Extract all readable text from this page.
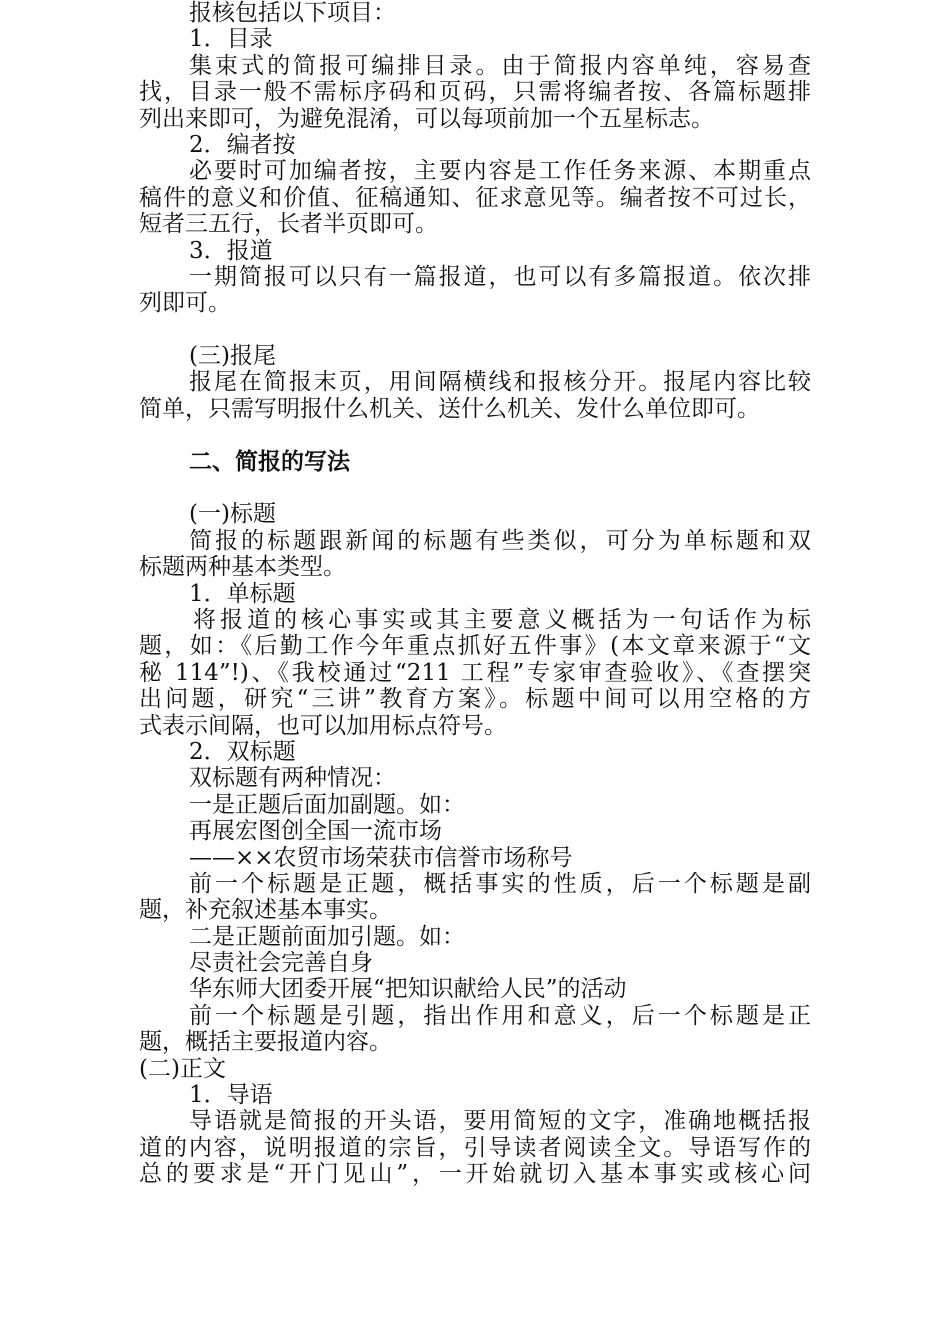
报核包括以下项目：
1．目录
集束式的简报可编排目录。由于简报内容单纯，容易查
找，目录一般不需标序码和页码，只需将编者按、各篇标题排
列出来即可，为避免混淆，可以每项前加一个五星标志。
2．编者按
必要时可加编者按，主要内容是工作任务来源、本期重点
稿件的意义和价值、征稿通知、征求意见等。编者按不可过长，
短者三五行，长者半页即可。
3．报道
一期简报可以只有一篇报道，也可以有多篇报道。依次排
列即可。
(三)报尾
报尾在简报末页，用间隔横线和报核分开。报尾内容比较
简单，只需写明报什么机关、送什么机关、发什么单位即可。
二、简报的写法
(一)标题
简报的标题跟新闻的标题有些类似，可分为单标题和双
标题两种基本类型。
1．单标题
将报道的核心事实或其主要意义概括为一句话作为标
题，如：《后勤工作今年重点抓好五件事》(本文章来源于“文
秘 114”!)、《我校通过“211 工程”专家审查验收》、《查摆突
出问题，研究“三讲”教育方案》。标题中间可以用空格的方
式表示间隔，也可以加用标点符号。
2．双标题
双标题有两种情况：
一是正题后面加副题。如：
再展宏图创全国一流市场
——××农贸市场荣获市信誉市场称号
前一个标题是正题，概括事实的性质，后一个标题是副
题，补充叙述基本事实。
二是正题前面加引题。如：
尽责社会完善自身
华东师大团委开展“把知识献给人民”的活动
前一个标题是引题，指出作用和意义，后一个标题是正
题，概括主要报道内容。
(二)正文
1．导语
导语就是简报的开头语，要用简短的文字，准确地概括报
道的内容，说明报道的宗旨，引导读者阅读全文。导语写作的
总的要求是“开门见山”，一开始就切入基本事实或核心问
